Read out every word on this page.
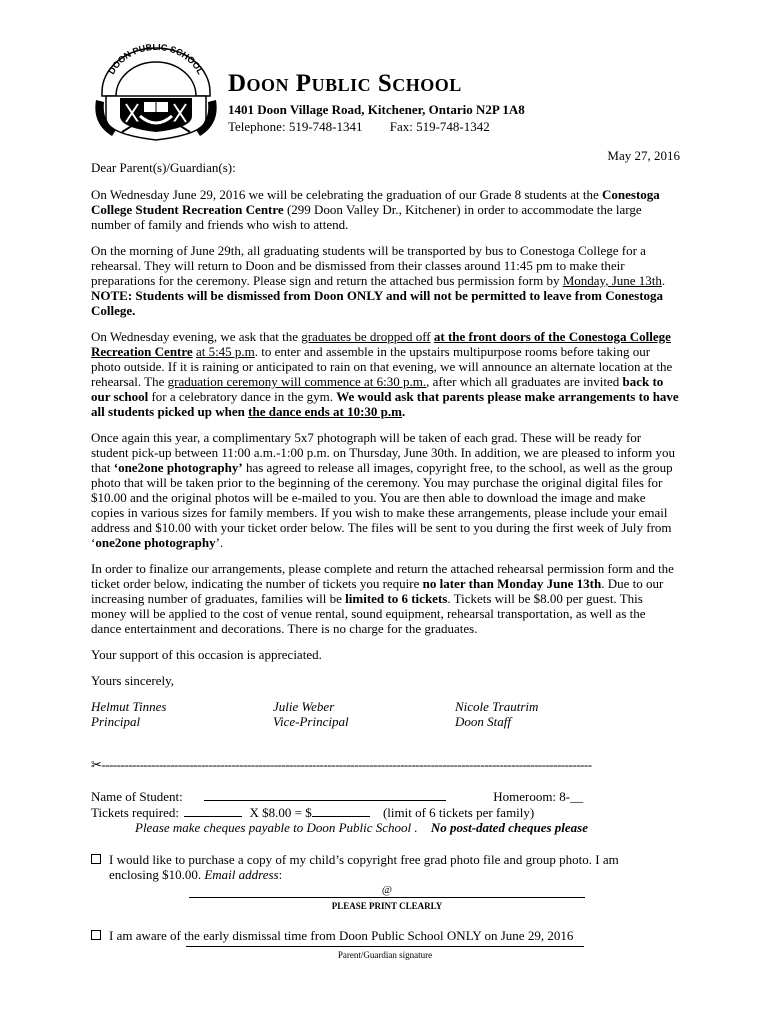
DOON PUBLIC SCHOOL Doon Public School
1401 Doon Village Road, Kitchener, Ontario N2P 1A8
Telephone: 519-748-1341 Fax: 519-748-1342
May 27, 2016

Dear Parent(s)/Guardian(s):

On Wednesday June 29, 2016 we will be celebrating the graduation of our Grade 8 students at the Conestoga College Student Recreation Centre (299 Doon Valley Dr., Kitchener) in order to accommodate the large number of family and friends who wish to attend.

On the morning of June 29th, all graduating students will be transported by bus to Conestoga College for a rehearsal. They will return to Doon and be dismissed from their classes around 11:45 pm to make their preparations for the ceremony. Please sign and return the attached bus permission form by Monday, June 13th. NOTE: Students will be dismissed from Doon ONLY and will not be permitted to leave from Conestoga College.

On Wednesday evening, we ask that the graduates be dropped off at the front doors of the Conestoga College Recreation Centre at 5:45 p.m. to enter and assemble in the upstairs multipurpose rooms before taking our photo outside. If it is raining or anticipated to rain on that evening, we will announce an alternate location at the rehearsal. The graduation ceremony will commence at 6:30 p.m., after which all graduates are invited back to our school for a celebratory dance in the gym. We would ask that parents please make arrangements to have all students picked up when the dance ends at 10:30 p.m.

Once again this year, a complimentary 5x7 photograph will be taken of each grad. These will be ready for student pick-up between 11:00 a.m.-1:00 p.m. on Thursday, June 30th. In addition, we are pleased to inform you that ‘one2one photography’ has agreed to release all images, copyright free, to the school, as well as the group photo that will be taken prior to the beginning of the ceremony. You may purchase the original digital files for $10.00 and the original photos will be e-mailed to you. You are then able to download the image and make copies in various sizes for family members. If you wish to make these arrangements, please include your email address and $10.00 with your ticket order below. The files will be sent to you during the first week of July from ‘one2one photography’.

In order to finalize our arrangements, please complete and return the attached rehearsal permission form and the ticket order below, indicating the number of tickets you require no later than Monday June 13th. Due to our increasing number of graduates, families will be limited to 6 tickets. Tickets will be $8.00 per guest. This money will be applied to the cost of venue rental, sound equipment, rehearsal transportation, as well as the dance entertainment and decorations. There is no charge for the graduates.

Your support of this occasion is appreciated.

Yours sincerely,

Helmut Tinnes
Principal
Julie Weber
Vice-Principal
Nicole Trautrim
Doon Staff
✂--------------------------------------------------------------------------------------------------------------------------------
Name of Student:	Homeroom: 8-__
Tickets required:	X $8.00 = $	(limit of 6 tickets per family)
Please make cheques payable to Doon Public School . No post-dated cheques please
I would like to purchase a copy of my child’s copyright free grad photo file and group photo. I am enclosing $10.00. Email address:
@
PLEASE PRINT CLEARLY
I am aware of the early dismissal time from Doon Public School ONLY on June 29, 2016
Parent/Guardian signature
